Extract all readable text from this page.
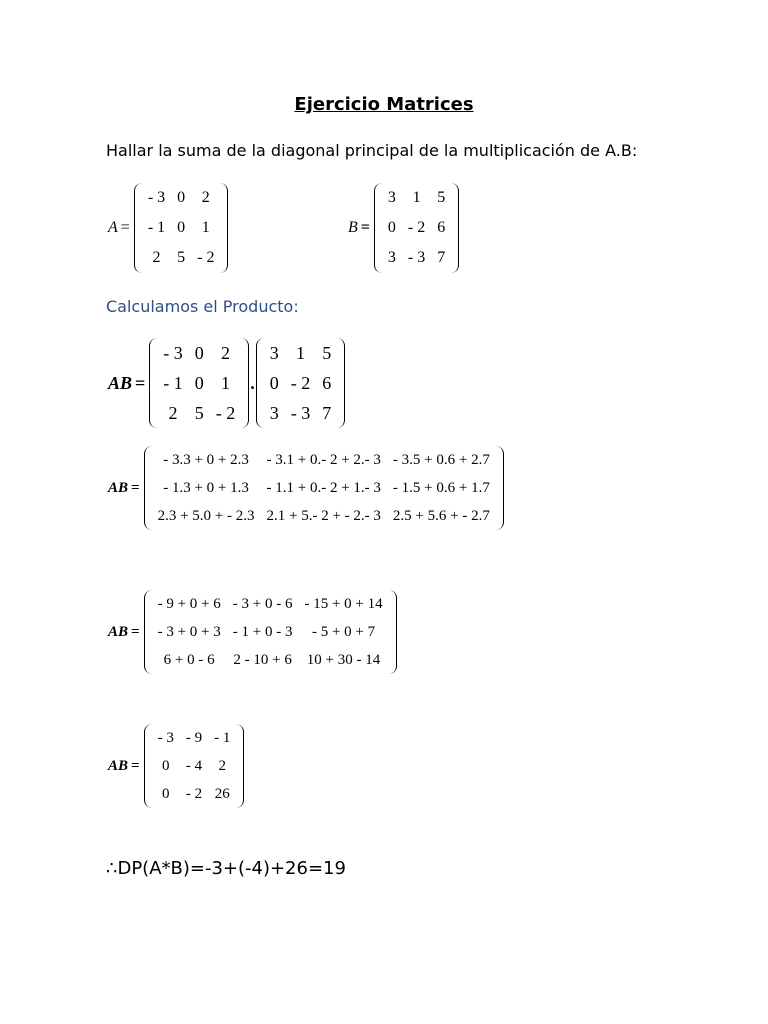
Ejercicio Matrices
Hallar la suma de la diagonal principal de la multiplicación de A.B:
A =
- 3	0	2
- 1	0	1
2	5	- 2
B =
3	1	5
0	- 2	6
3	- 3	7
Calculamos el Producto:
AB =
- 3	0	2
- 1	0	1
2	5	- 2
.
3	1	5
0	- 2	6
3	- 3	7
AB =
- 3.3 + 0 + 2.3	- 3.1 + 0.- 2 + 2.- 3	- 3.5 + 0.6 + 2.7
- 1.3 + 0 + 1.3	- 1.1 + 0.- 2 + 1.- 3	- 1.5 + 0.6 + 1.7
2.3 + 5.0 + - 2.3	2.1 + 5.- 2 + - 2.- 3	2.5 + 5.6 + - 2.7
AB =
- 9 + 0 + 6	- 3 + 0 - 6	- 15 + 0 + 14
- 3 + 0 + 3	- 1 + 0 - 3	- 5 + 0 + 7
6 + 0 - 6	2 - 10 + 6	10 + 30 - 14
AB =
- 3	- 9	- 1
0	- 4	2
0	- 2	26
∴DP(A*B)=-3+(-4)+26=19
